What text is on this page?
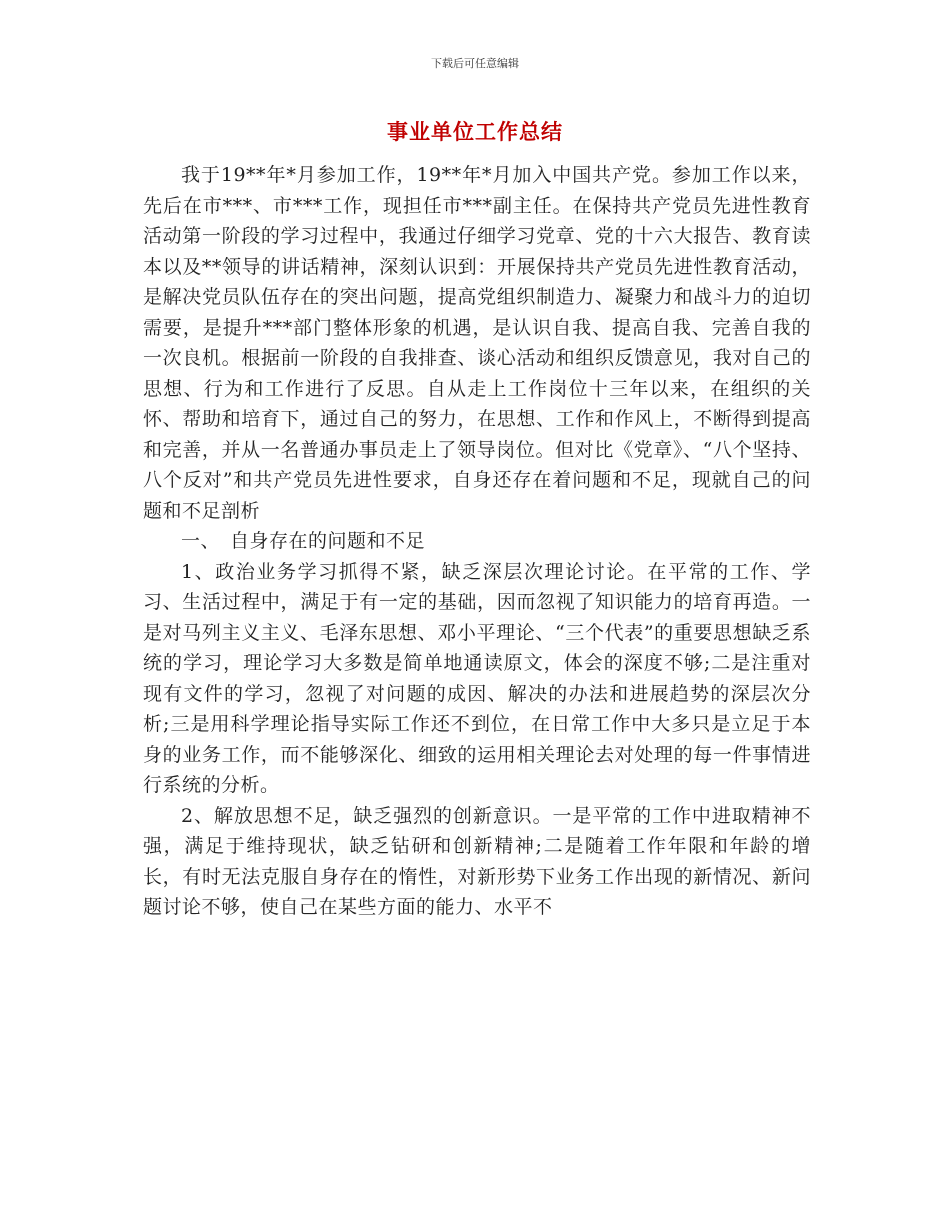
下载后可任意编辑
事业单位工作总结

我于19**年*月参加工作，19**年*月加入中国共产党。参加工作以来，先后在市***、市***工作，现担任市***副主任。在保持共产党员先进性教育活动第一阶段的学习过程中，我通过仔细学习党章、党的十六大报告、教育读本以及**领导的讲话精神，深刻认识到：开展保持共产党员先进性教育活动，是解决党员队伍存在的突出问题，提高党组织制造力、凝聚力和战斗力的迫切需要，是提升***部门整体形象的机遇，是认识自我、提高自我、完善自我的一次良机。根据前一阶段的自我排查、谈心活动和组织反馈意见，我对自己的思想、行为和工作进行了反思。自从走上工作岗位十三年以来，在组织的关怀、帮助和培育下，通过自己的努力，在思想、工作和作风上，不断得到提高和完善，并从一名普通办事员走上了领导岗位。但对比《党章》、“八个坚持、八个反对”和共产党员先进性要求，自身还存在着问题和不足，现就自己的问题和不足剖析

一、　自身存在的问题和不足

1、政治业务学习抓得不紧，缺乏深层次理论讨论。在平常的工作、学习、生活过程中，满足于有一定的基础，因而忽视了知识能力的培育再造。一是对马列主义主义、毛泽东思想、邓小平理论、“三个代表”的重要思想缺乏系统的学习，理论学习大多数是简单地通读原文，体会的深度不够;二是注重对现有文件的学习，忽视了对问题的成因、解决的办法和进展趋势的深层次分析;三是用科学理论指导实际工作还不到位，在日常工作中大多只是立足于本身的业务工作，而不能够深化、细致的运用相关理论去对处理的每一件事情进行系统的分析。

2、解放思想不足，缺乏强烈的创新意识。一是平常的工作中进取精神不强，满足于维持现状，缺乏钻研和创新精神;二是随着工作年限和年龄的增长，有时无法克服自身存在的惰性，对新形势下业务工作出现的新情况、新问题讨论不够，使自己在某些方面的能力、水平不
